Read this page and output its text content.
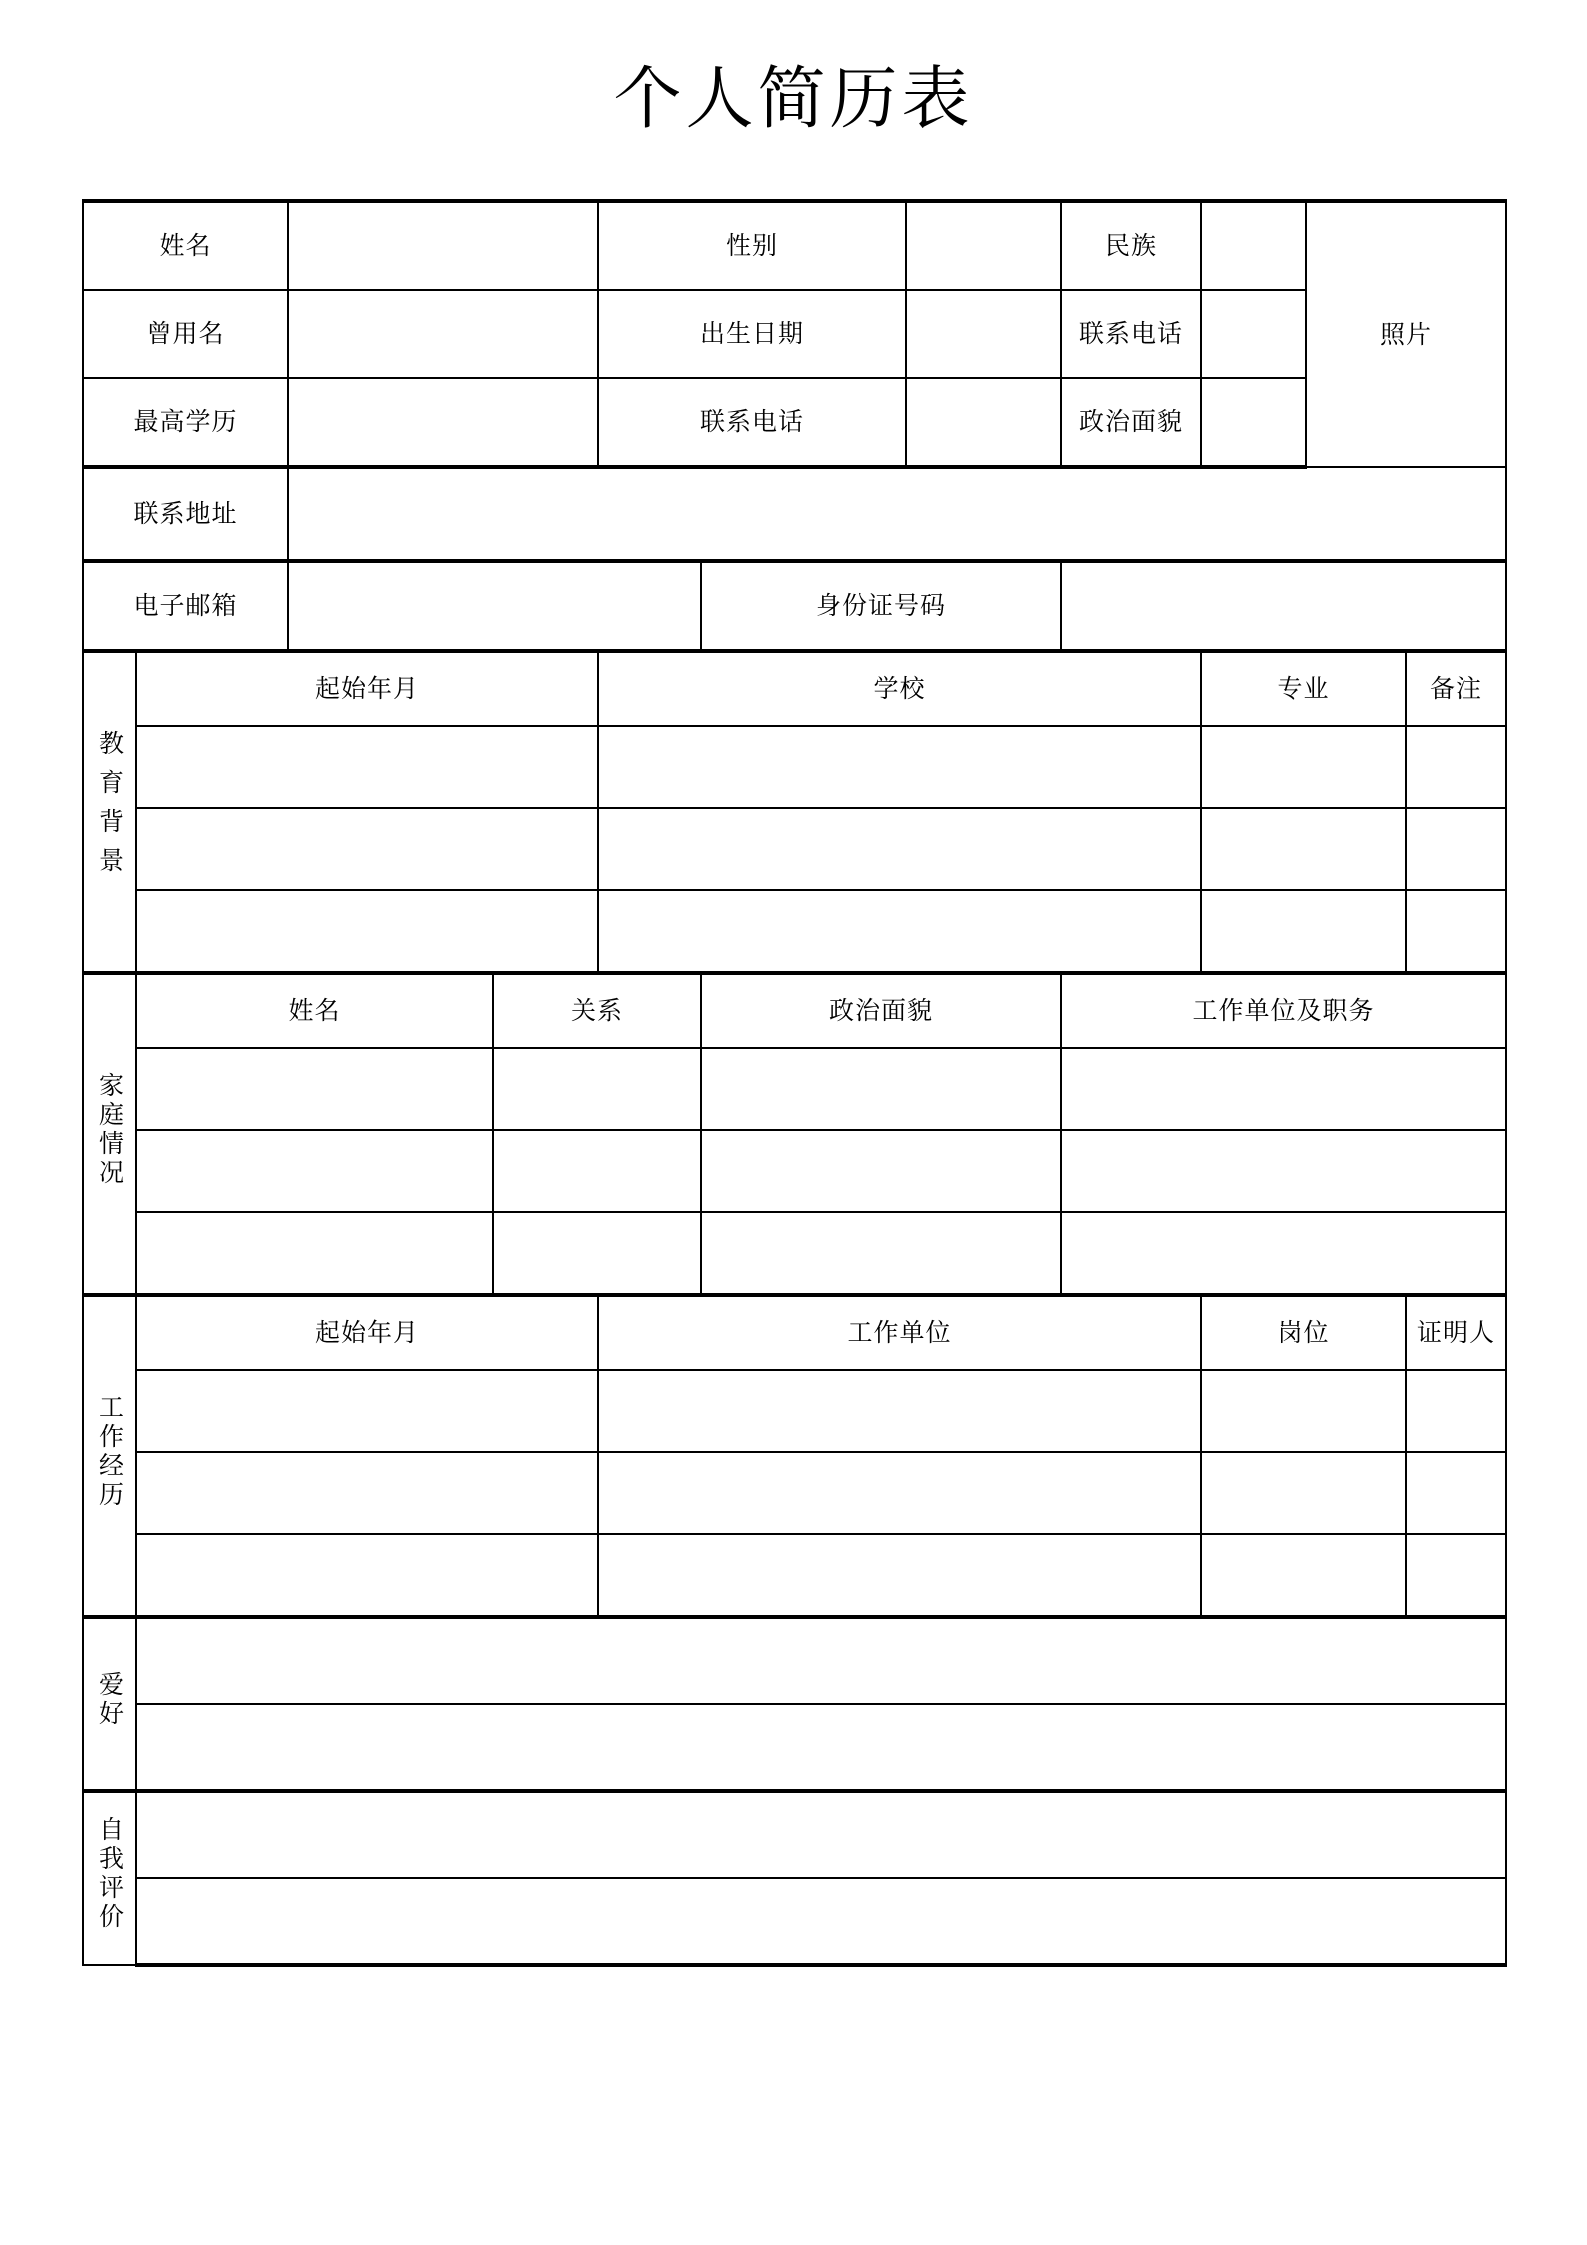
个人简历表
姓名				性别			民族		照片	
曾用名				出生日期			联系电话			
最高学历				联系电话			政治面貌			
联系地址										
电子邮箱					身份证号码					
教育背景	起始年月			学校				专业		备注

家庭情况	姓名		关系		政治面貌		工作单位及职务			

工作经历	起始年月			工作单位				岗位		证明人

爱好										

自我评价										
